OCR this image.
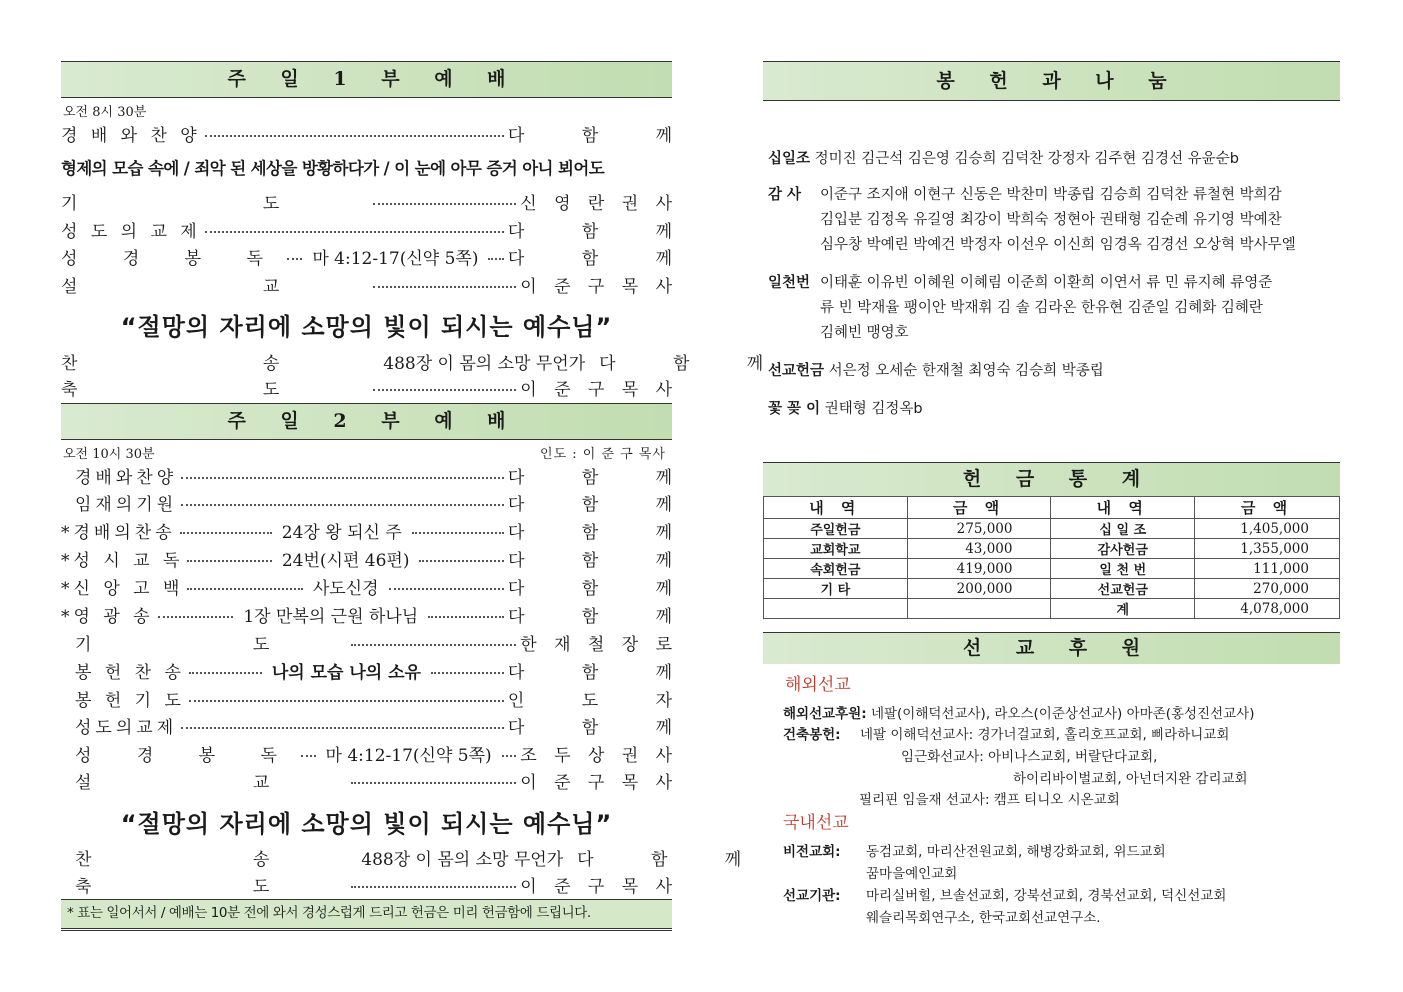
주 일 1 부 예 배
오전 8시 30분
경 배 와 찬 양	다 함 께
형제의 모습 속에 / 죄악 된 세상을 방황하다가 / 이 눈에 아무 증거 아니 뵈어도
기 도	신 영 란 권 사
성 도 의 교 제	다 함 께
성 경 봉 독	마 4:12-17(신약 5쪽)	다 함 께
설 교	이 준 구 목 사
“절망의 자리에 소망의 빛이 되시는 예수님”
찬 송 488장 이 몸의 소망 무언가 다 함 께
축 도	이 준 구 목 사
주 일 2 부 예 배
오전 10시 30분	인도 : 이 준 구 목사
경배와찬양	다 함 께
임재의기원	다 함 께
*경배의찬송	24장 왕 되신 주	다 함 께
*성 시 교 독	24번(시편 46편)	다 함 께
*신 앙 고 백	사도신경	다 함 께
*영 광 송	1장 만복의 근원 하나님	다 함 께
기 도	한 재 철 장 로
봉 헌 찬 송	나의 모습 나의 소유	다 함 께
봉 헌 기 도	인 도 자
성도의교제	다 함 께
성 경 봉 독	마 4:12-17(신약 5쪽)	조 두 상 권 사
설 교	이 준 구 목 사
“절망의 자리에 소망의 빛이 되시는 예수님”
찬 송 488장 이 몸의 소망 무언가 다 함 께
축 도	이 준 구 목 사
* 표는 일어서서 / 예배는 10분 전에 와서 경성스럽게 드리고 헌금은 미리 헌금함에 드립니다.
봉 헌 과 나 눔
십일조 정미진 김근석 김은영 김승희 김덕찬 강정자 김주현 김경선 유윤순b
감 사 이준구 조지애 이현구 신동은 박찬미 박종립 김승희 김덕찬 류철현 박희감
김입분 김정옥 유길영 최강이 박희숙 정현아 권태형 김순례 유기영 박예찬
심우창 박예린 박예건 박정자 이선우 이신희 임경옥 김경선 오상혁 박사무엘
일천번 이태훈 이유빈 이혜원 이혜림 이준희 이환희 이연서 류 민 류지혜 류영준
류 빈 박재율 팽이안 박재휘 김 솔 김라온 한유현 김준일 김혜화 김혜란
김혜빈 맹영호
선교헌금 서은정 오세순 한재철 최영숙 김승희 박종립
꽃 꽂 이 권태형 김정옥b
헌 금 통 계
내 역	금 액	내 역	금 액
주일헌금	275,000	십 일 조	1,405,000
교회학교	43,000	감사헌금	1,355,000
속회헌금	419,000	일 천 번	111,000
기 타	200,000	선교헌금	270,000
		계	4,078,000
선 교 후 원
해외선교
해외선교후원: 네팔(이해덕선교사), 라오스(이준상선교사) 아마존(홍성진선교사)
건축봉헌: 네팔 이해덕선교사: 경가너걸교회, 홀리호프교회, 삐라하니교회
임근화선교사: 아비나스교회, 버랄단다교회,
하이리바이벌교회, 아넌더지완 감리교회
필리핀 임을재 선교사: 캠프 티니오 시온교회
국내선교
비전교회: 동검교회, 마리산전원교회, 해병강화교회, 위드교회
꿈마을예인교회
선교기관: 마리실버힐, 브솔선교회, 강북선교회, 경북선교회, 덕신선교회
웨슬리목회연구소, 한국교회선교연구소.
